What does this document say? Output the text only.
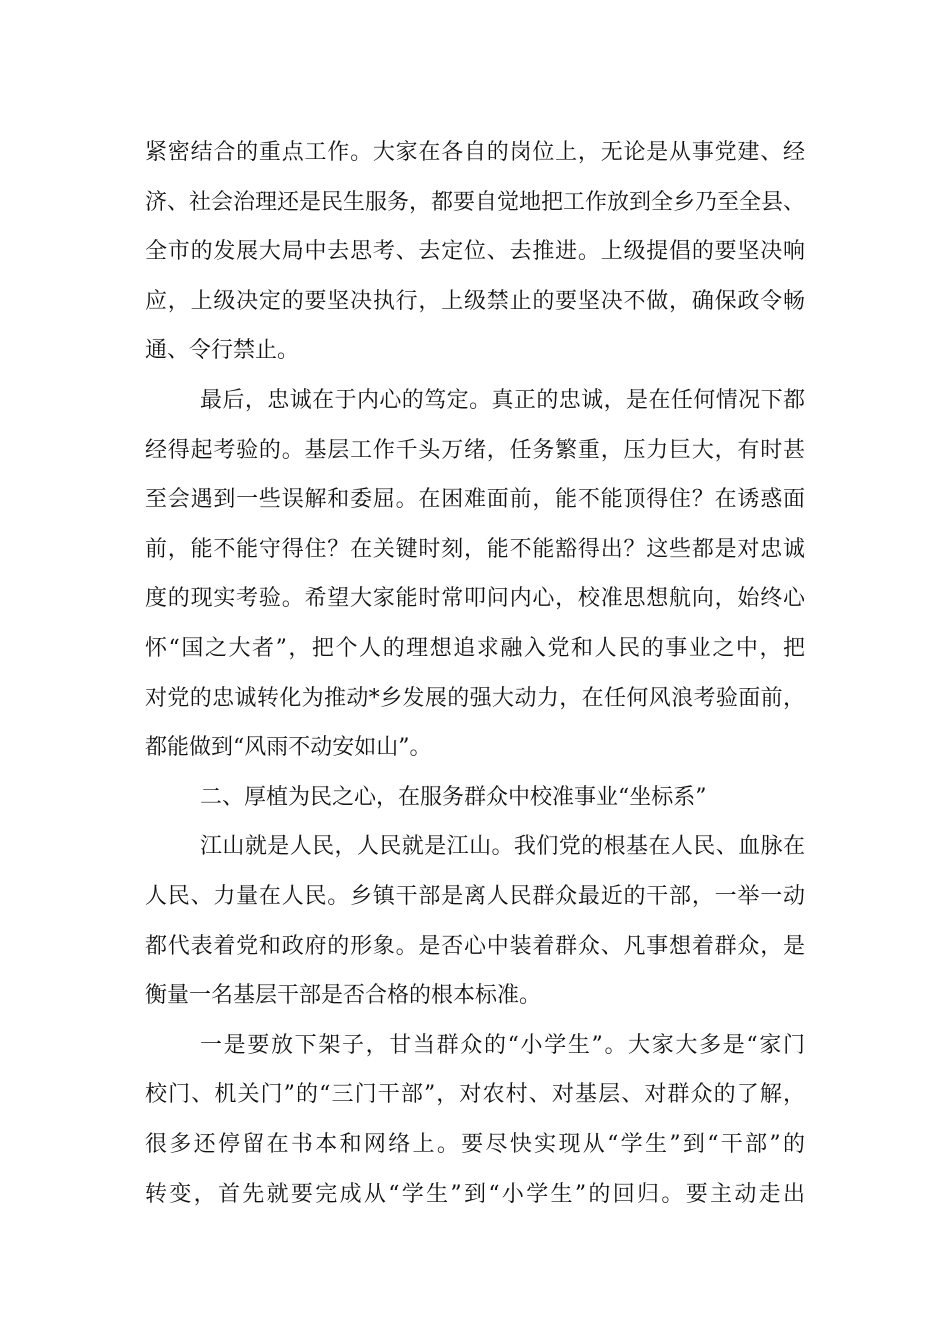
紧密结合的重点工作。大家在各自的岗位上，无论是从事党建、经
济、社会治理还是民生服务，都要自觉地把工作放到全乡乃至全县、
全市的发展大局中去思考、去定位、去推进。上级提倡的要坚决响
应，上级决定的要坚决执行，上级禁止的要坚决不做，确保政令畅
通、令行禁止。
最后，忠诚在于内心的笃定。真正的忠诚，是在任何情况下都
经得起考验的。基层工作千头万绪，任务繁重，压力巨大，有时甚
至会遇到一些误解和委屈。在困难面前，能不能顶得住？在诱惑面
前，能不能守得住？在关键时刻，能不能豁得出？这些都是对忠诚
度的现实考验。希望大家能时常叩问内心，校准思想航向，始终心
怀“国之大者”，把个人的理想追求融入党和人民的事业之中，把
对党的忠诚转化为推动*乡发展的强大动力，在任何风浪考验面前，
都能做到“风雨不动安如山”。
二、厚植为民之心，在服务群众中校准事业“坐标系”
江山就是人民，人民就是江山。我们党的根基在人民、血脉在
人民、力量在人民。乡镇干部是离人民群众最近的干部，一举一动
都代表着党和政府的形象。是否心中装着群众、凡事想着群众，是
衡量一名基层干部是否合格的根本标准。
一是要放下架子，甘当群众的“小学生”。大家大多是“家门
校门、机关门”的“三门干部”，对农村、对基层、对群众的了解，
很多还停留在书本和网络上。要尽快实现从“学生”到“干部”的
转变，首先就要完成从“学生”到“小学生”的回归。要主动走出
